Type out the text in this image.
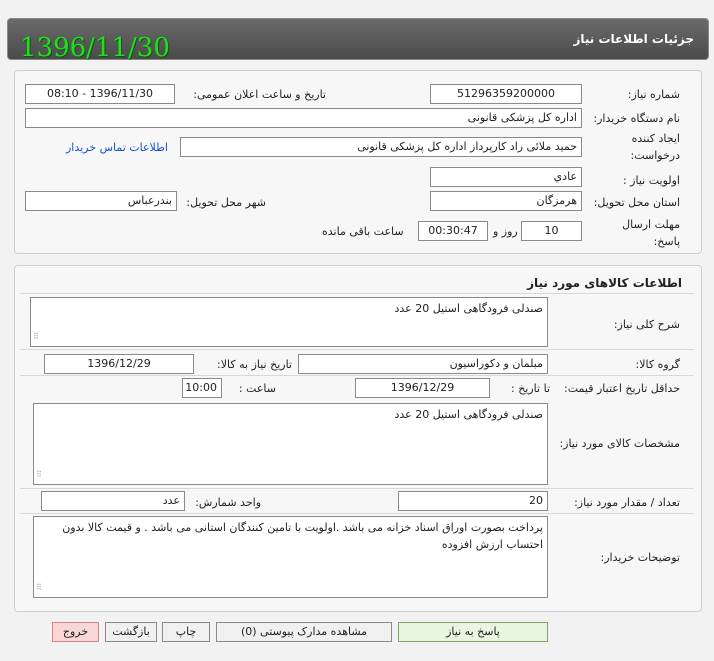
1396/11/30	جزئیات اطلاعات نیاز
شماره نیاز:
1296359200000‏5
تاریخ و ساعت اعلان عمومی:
1396/11/30 - 08:10
نام دستگاه خریدار:
اداره کل پزشکی قانونی
ایجاد کننده
درخواست:
حمید ملائی راد کارپرداز اداره کل پزشکی قانونی
اطلاعات تماس خریدار
اولویت نیاز :
عادي
استان محل تحویل:
هرمزگان
شهر محل تحویل:
بندرعباس
مهلت ارسال
پاسخ:
10
روز و
00:30:47
ساعت باقی مانده
اطلاعات کالاهای مورد نیاز
شرح کلی نیاز:
صندلی فرودگاهی استیل 20 عدد
⠿
گروه کالا:
مبلمان و دکوراسیون
تاریخ نیاز به کالا:
1396/12/29
حداقل تاریخ اعتبار قیمت:
تا تاریخ :
1396/12/29
ساعت :
10:00
مشخصات کالای مورد نیاز:
صندلی فرودگاهی استیل 20 عدد
⠿
تعداد / مقدار مورد نیاز:
20
واحد شمارش:
عدد
توضیحات خریدار:
پرداخت بصورت اوراق اسناد خزانه می باشد .اولویت با تامین کنندگان استانی می باشد . و قیمت کالا بدون احتساب ارزش افزوده
⠿
پاسخ به نیاز
مشاهده مدارک پیوستی (0)
چاپ
بازگشت
خروج
